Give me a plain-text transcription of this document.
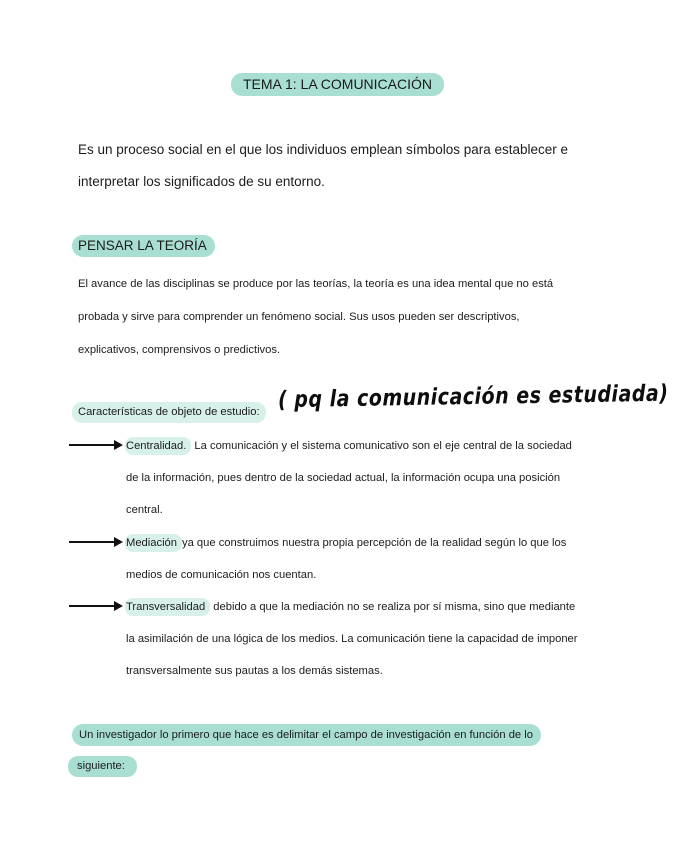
TEMA 1: LA COMUNICACIÓN
Es un proceso social en el que los individuos emplean símbolos para establecer e
interpretar los significados de su entorno.
PENSAR LA TEORÍA
El avance de las disciplinas se produce por las teorías, la teoría es una idea mental que no está
probada y sirve para comprender un fenómeno social. Sus usos pueden ser descriptivos,
explicativos, comprensivos o predictivos.
Características de objeto de estudio: ( pq la comunicación es estudiada)
Centralidad. La comunicación y el sistema comunicativo son el eje central de la sociedad
de la información, pues dentro de la sociedad actual, la información ocupa una posición
central.
Mediación ya que construimos nuestra propia percepción de la realidad según lo que los
medios de comunicación nos cuentan.
Transversalidad debido a que la mediación no se realiza por sí misma, sino que mediante
la asimilación de una lógica de los medios. La comunicación tiene la capacidad de imponer
transversalmente sus pautas a los demás sistemas.
Un investigador lo primero que hace es delimitar el campo de investigación en función de lo
siguiente:
